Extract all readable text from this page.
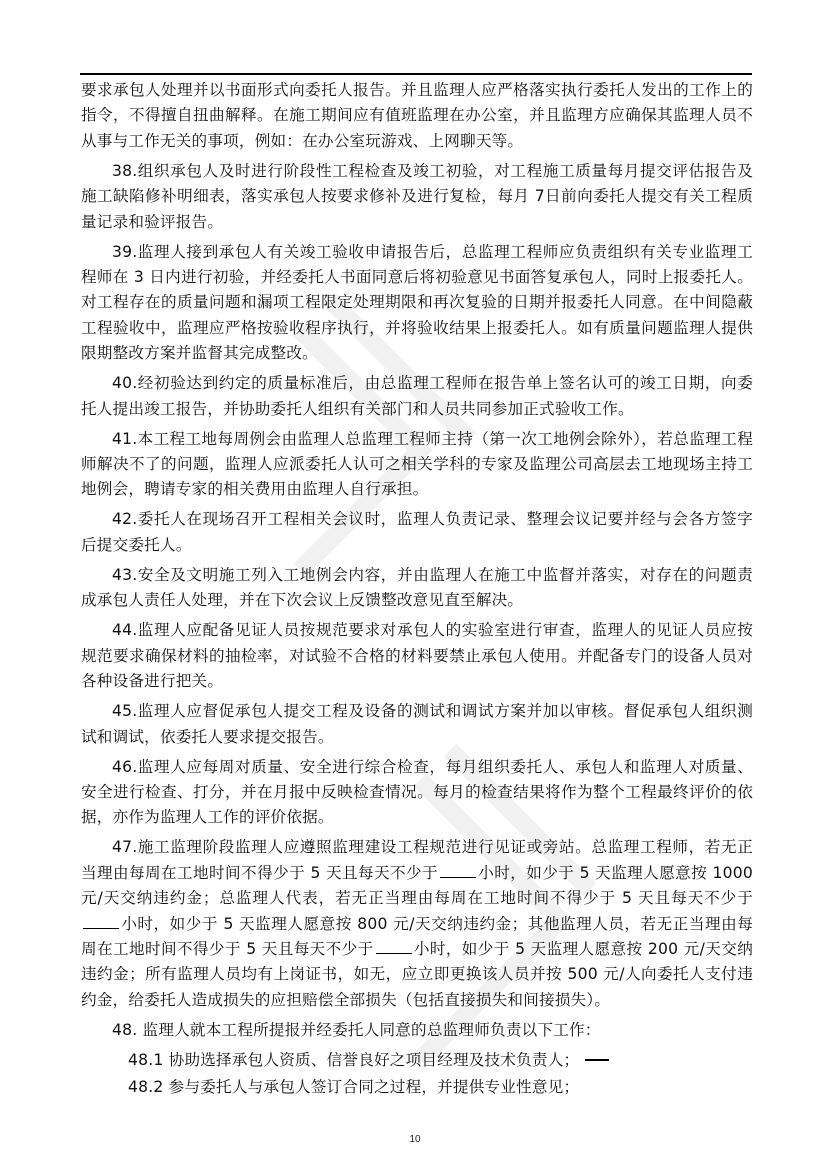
要求承包人处理并以书面形式向委托人报告。并且监理人应严格落实执行委托人发出的工作上的指令，不得擅自扭曲解释。在施工期间应有值班监理在办公室，并且监理方应确保其监理人员不从事与工作无关的事项，例如：在办公室玩游戏、上网聊天等。

38.组织承包人及时进行阶段性工程检查及竣工初验，对工程施工质量每月提交评估报告及施工缺陷修补明细表，落实承包人按要求修补及进行复检，每月 7日前向委托人提交有关工程质量记录和验评报告。

39.监理人接到承包人有关竣工验收申请报告后，总监理工程师应负责组织有关专业监理工程师在 3 日内进行初验，并经委托人书面同意后将初验意见书面答复承包人，同时上报委托人。对工程存在的质量问题和漏项工程限定处理期限和再次复验的日期并报委托人同意。在中间隐蔽工程验收中，监理应严格按验收程序执行，并将验收结果上报委托人。如有质量问题监理人提供限期整改方案并监督其完成整改。

40.经初验达到约定的质量标准后，由总监理工程师在报告单上签名认可的竣工日期，向委托人提出竣工报告，并协助委托人组织有关部门和人员共同参加正式验收工作。

41.本工程工地每周例会由监理人总监理工程师主持（第一次工地例会除外），若总监理工程师解决不了的问题，监理人应派委托人认可之相关学科的专家及监理公司高层去工地现场主持工地例会，聘请专家的相关费用由监理人自行承担。

42.委托人在现场召开工程相关会议时，监理人负责记录、整理会议记要并经与会各方签字后提交委托人。

43.安全及文明施工列入工地例会内容，并由监理人在施工中监督并落实，对存在的问题责成承包人责任人处理，并在下次会议上反馈整改意见直至解决。

44.监理人应配备见证人员按规范要求对承包人的实验室进行审查，监理人的见证人员应按规范要求确保材料的抽检率，对试验不合格的材料要禁止承包人使用。并配备专门的设备人员对各种设备进行把关。

45.监理人应督促承包人提交工程及设备的测试和调试方案并加以审核。督促承包人组织测试和调试，依委托人要求提交报告。

46.监理人应每周对质量、安全进行综合检查，每月组织委托人、承包人和监理人对质量、安全进行检查、打分，并在月报中反映检查情况。每月的检查结果将作为整个工程最终评价的依据，亦作为监理人工作的评价依据。

47.施工监理阶段监理人应遵照监理建设工程规范进行见证或旁站。总监理工程师，若无正当理由每周在工地时间不得少于 5 天且每天不少于	小时，如少于 5 天监理人愿意按 1000 元/天交纳违约金；总监理人代表，若无正当理由每周在工地时间不得少于 5 天且每天不少于小时，如少于 5 天监理人愿意按 800 元/天交纳违约金；其他监理人员，若无正当理由每周在工地时间不得少于 5 天且每天不少于	小时，如少于 5 天监理人愿意按 200 元/天交纳违约金；所有监理人员均有上岗证书，如无，应立即更换该人员并按 500 元/人向委托人支付违约金，给委托人造成损失的应担赔偿全部损失（包括直接损失和间接损失）。

48. 监理人就本工程所提报并经委托人同意的总监理师负责以下工作：

48.1 协助选择承包人资质、信誉良好之项目经理及技术负责人；

48.2 参与委托人与承包人签订合同之过程，并提供专业性意见；

10
